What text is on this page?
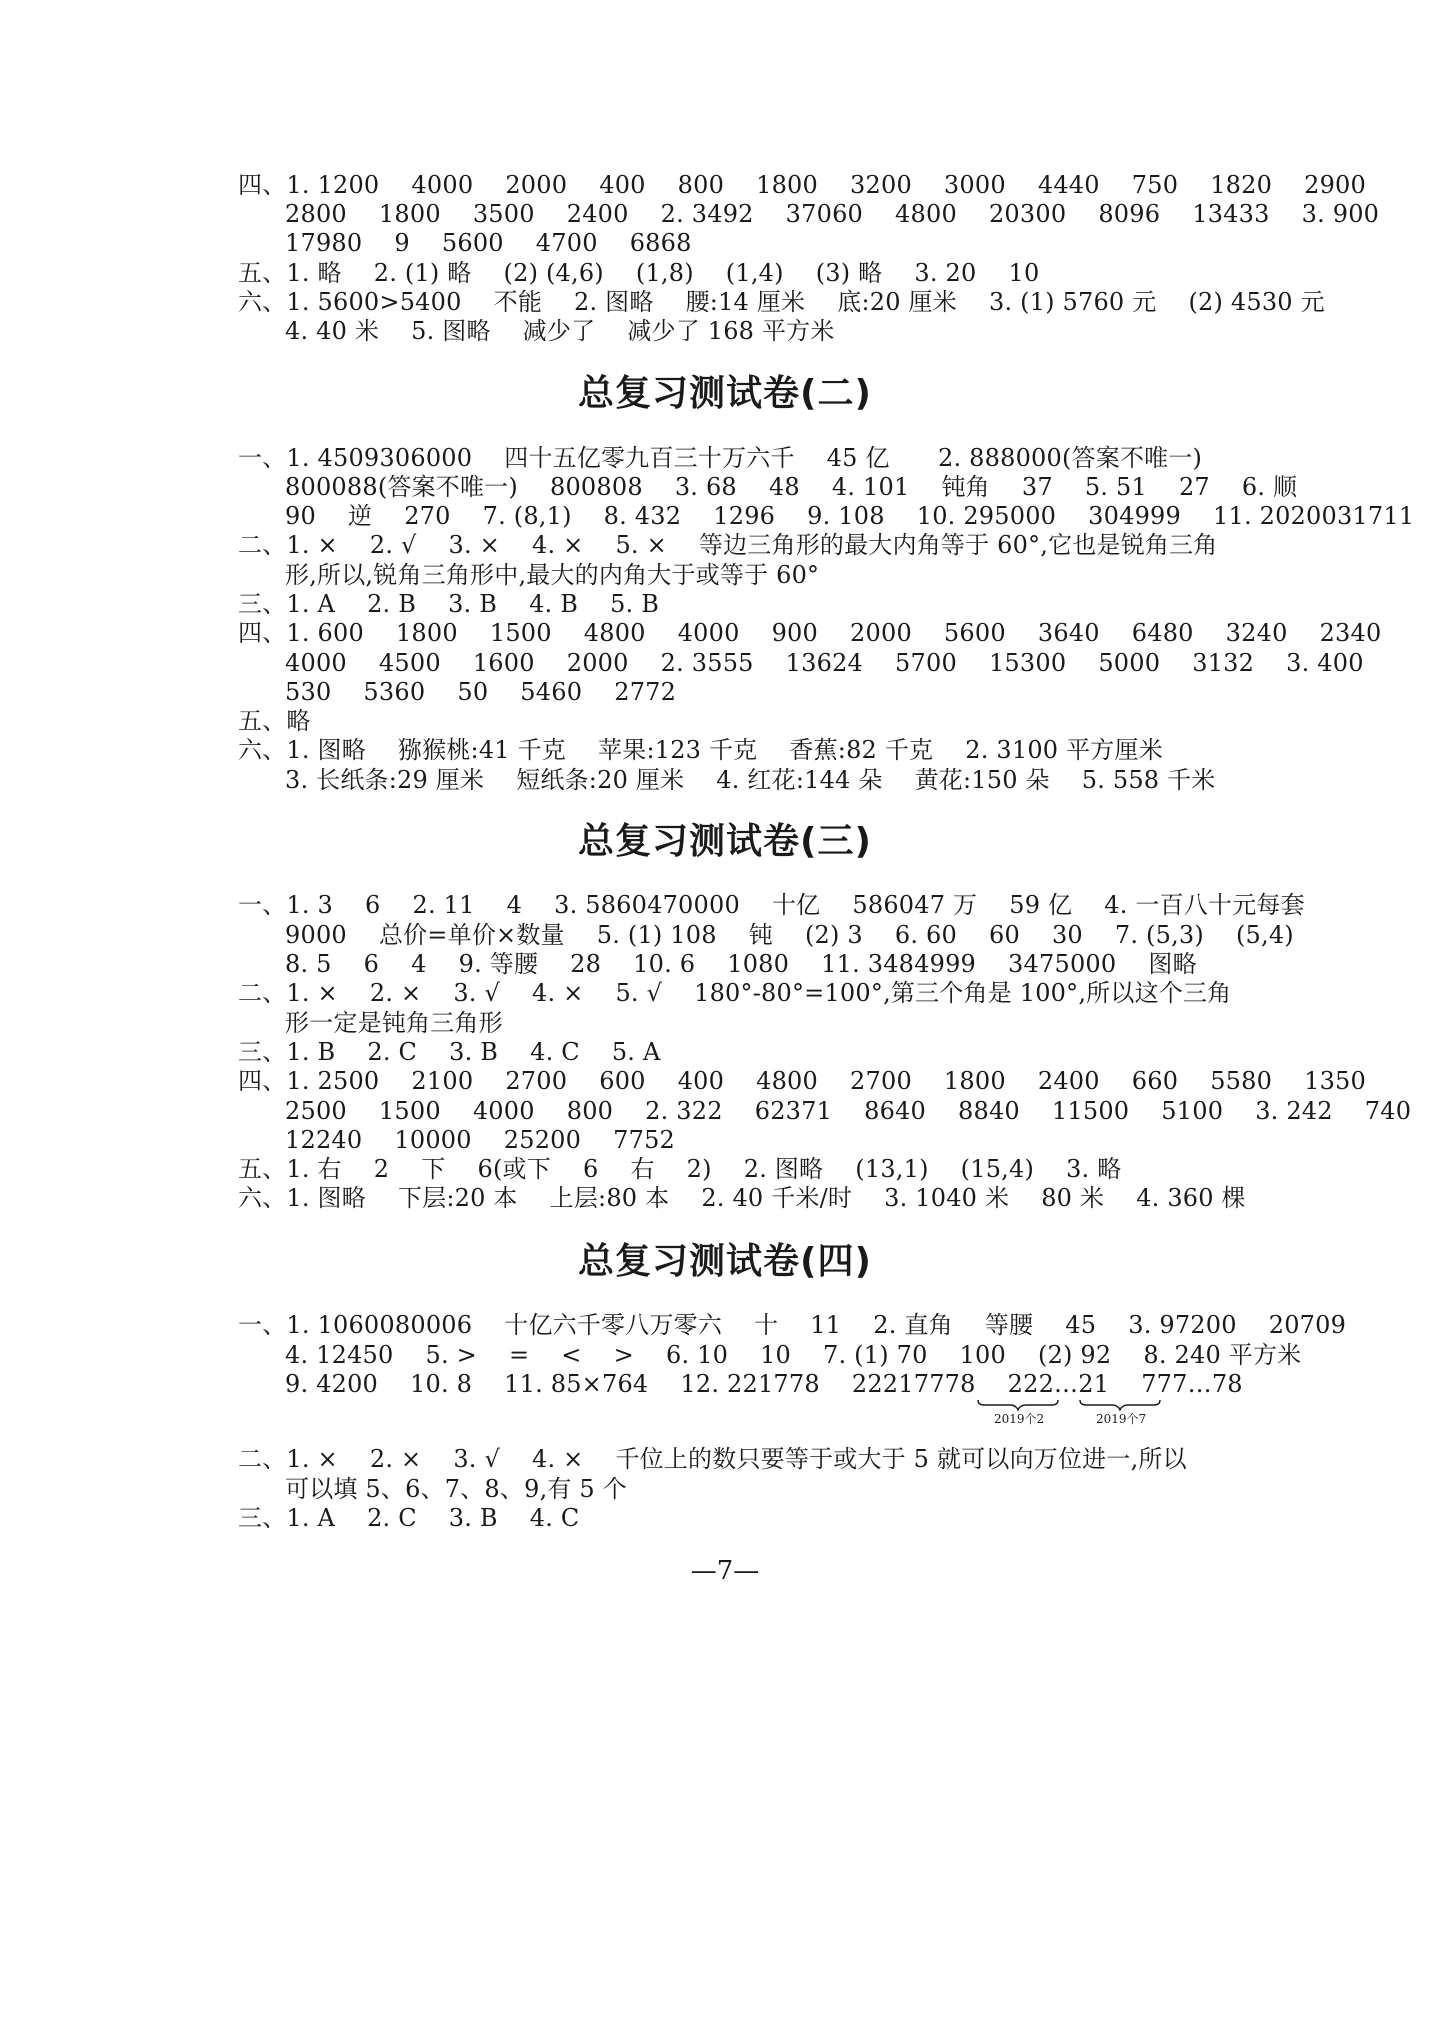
四、1. 1200　 4000　 2000　 400　 800　 1800　 3200　 3000　 4440　 750　 1820　 2900
2800　 1800　 3500　 2400　 2. 3492　 37060　 4800　 20300　 8096　 13433　 3. 900
17980　 9　 5600　 4700　 6868
五、1. 略　 2. (1) 略　 (2) (4,6)　 (1,8)　 (1,4)　 (3) 略　 3. 20　 10
六、1. 5600>5400　 不能　 2. 图略　 腰:14 厘米　 底:20 厘米　 3. (1) 5760 元　 (2) 4530 元
4. 40 米　 5. 图略　 减少了　 减少了 168 平方米
总复习测试卷(二)
一、1. 4509306000　 四十五亿零九百三十万六千　 45 亿　　2. 888000(答案不唯一)
800088(答案不唯一)　 800808　 3. 68　 48　 4. 101　 钝角　 37　 5. 51　 27　 6. 顺
90　 逆　 270　 7. (8,1)　 8. 432　 1296　 9. 108　 10. 295000　 304999　 11. 2020031711
二、1. ×　 2. √　 3. ×　 4. ×　 5. ×　 等边三角形的最大内角等于 60°,它也是锐角三角
形,所以,锐角三角形中,最大的内角大于或等于 60°
三、1. A　 2. B　 3. B　 4. B　 5. B
四、1. 600　 1800　 1500　 4800　 4000　 900　 2000　 5600　 3640　 6480　 3240　 2340
4000　 4500　 1600　 2000　 2. 3555　 13624　 5700　 15300　 5000　 3132　 3. 400
530　 5360　 50　 5460　 2772
五、略
六、1. 图略　 猕猴桃:41 千克　 苹果:123 千克　 香蕉:82 千克　 2. 3100 平方厘米
3. 长纸条:29 厘米　 短纸条:20 厘米　 4. 红花:144 朵　 黄花:150 朵　 5. 558 千米
总复习测试卷(三)
一、1. 3　 6　 2. 11　 4　 3. 5860470000　 十亿　 586047 万　 59 亿　 4. 一百八十元每套
9000　 总价=单价×数量　 5. (1) 108　 钝　 (2) 3　 6. 60　 60　 30　 7. (5,3)　 (5,4)
8. 5　 6　 4　 9. 等腰　 28　 10. 6　 1080　 11. 3484999　 3475000　 图略
二、1. ×　 2. ×　 3. √　 4. ×　 5. √　 180°-80°=100°,第三个角是 100°,所以这个三角
形一定是钝角三角形
三、1. B　 2. C　 3. B　 4. C　 5. A
四、1. 2500　 2100　 2700　 600　 400　 4800　 2700　 1800　 2400　 660　 5580　 1350
2500　 1500　 4000　 800　 2. 322　 62371　 8640　 8840　 11500　 5100　 3. 242　 740
12240　 10000　 25200　 7752
五、1. 右　 2　 下　 6(或下　 6　 右　 2)　 2. 图略　 (13,1)　 (15,4)　 3. 略
六、1. 图略　 下层:20 本　 上层:80 本　 2. 40 千米/时　 3. 1040 米　 80 米　 4. 360 棵
总复习测试卷(四)
一、1. 1060080006　 十亿六千零八万零六　 十　 11　 2. 直角　 等腰　 45　 3. 97200　 20709
4. 12450　 5. >　 =　 <　 >　 6. 10　 10　 7. (1) 70　 100　 (2) 92　 8. 240 平方米
9. 4200　 10. 8　 11. 85×764　 12. 221778　 22217778　 222…21　 777…78
2019个2	2019个7
二、1. ×　 2. ×　 3. √　 4. ×　 千位上的数只要等于或大于 5 就可以向万位进一,所以
可以填 5、6、7、8、9,有 5 个
三、1. A　 2. C　 3. B　 4. C
—7—
